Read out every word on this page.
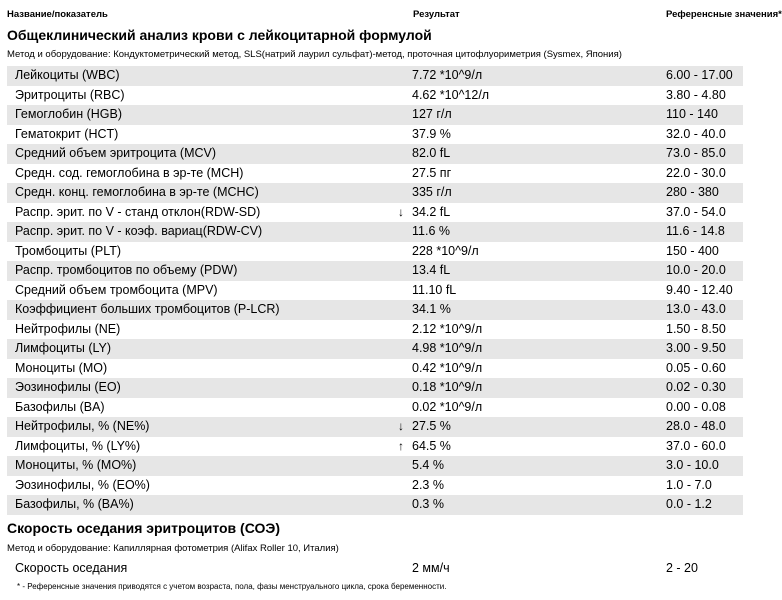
Название/показатель	Результат	Референсные значения*
Общеклинический анализ крови с лейкоцитарной формулой
Метод и оборудование: Кондуктометрический метод, SLS(натрий лаурил сульфат)-метод, проточная цитофлуориметрия (Sysmex, Япония)
Лейкоциты (WBC)	7.72 *10^9/л	6.00 - 17.00
Эритроциты (RBC)	4.62 *10^12/л	3.80 - 4.80
Гемоглобин (HGB)	127 г/л	110 - 140
Гематокрит (HCT)	37.9 %	32.0 - 40.0
Средний объем эритроцита (MCV)	82.0 fL	73.0 - 85.0
Средн. сод. гемоглобина в эр-те (MCH)	27.5 пг	22.0 - 30.0
Средн. конц. гемоглобина в эр-те (MCHC)	335 г/л	280 - 380
Распр. эрит. по V - станд отклон(RDW-SD)	↓ 34.2 fL	37.0 - 54.0
Распр. эрит. по V - коэф. вариац(RDW-CV)	11.6 %	11.6 - 14.8
Тромбоциты (PLT)	228 *10^9/л	150 - 400
Распр. тромбоцитов по объему (PDW)	13.4 fL	10.0 - 20.0
Средний объем тромбоцита (MPV)	11.10 fL	9.40 - 12.40
Коэффициент больших тромбоцитов (P-LCR)	34.1 %	13.0 - 43.0
Нейтрофилы (NE)	2.12 *10^9/л	1.50 - 8.50
Лимфоциты (LY)	4.98 *10^9/л	3.00 - 9.50
Моноциты (MO)	0.42 *10^9/л	0.05 - 0.60
Эозинофилы (EO)	0.18 *10^9/л	0.02 - 0.30
Базофилы (BA)	0.02 *10^9/л	0.00 - 0.08
Нейтрофилы, % (NE%)	↓ 27.5 %	28.0 - 48.0
Лимфоциты, % (LY%)	↑ 64.5 %	37.0 - 60.0
Моноциты, % (MO%)	5.4 %	3.0 - 10.0
Эозинофилы, % (EO%)	2.3 %	1.0 - 7.0
Базофилы, % (BA%)	0.3 %	0.0 - 1.2
Скорость оседания эритроцитов (СОЭ)
Метод и оборудование: Капиллярная фотометрия (Alifax Roller 10, Италия)
Скорость оседания	2 мм/ч	2 - 20
* - Референсные значения приводятся с учетом возраста, пола, фазы менструального цикла, срока беременности.
